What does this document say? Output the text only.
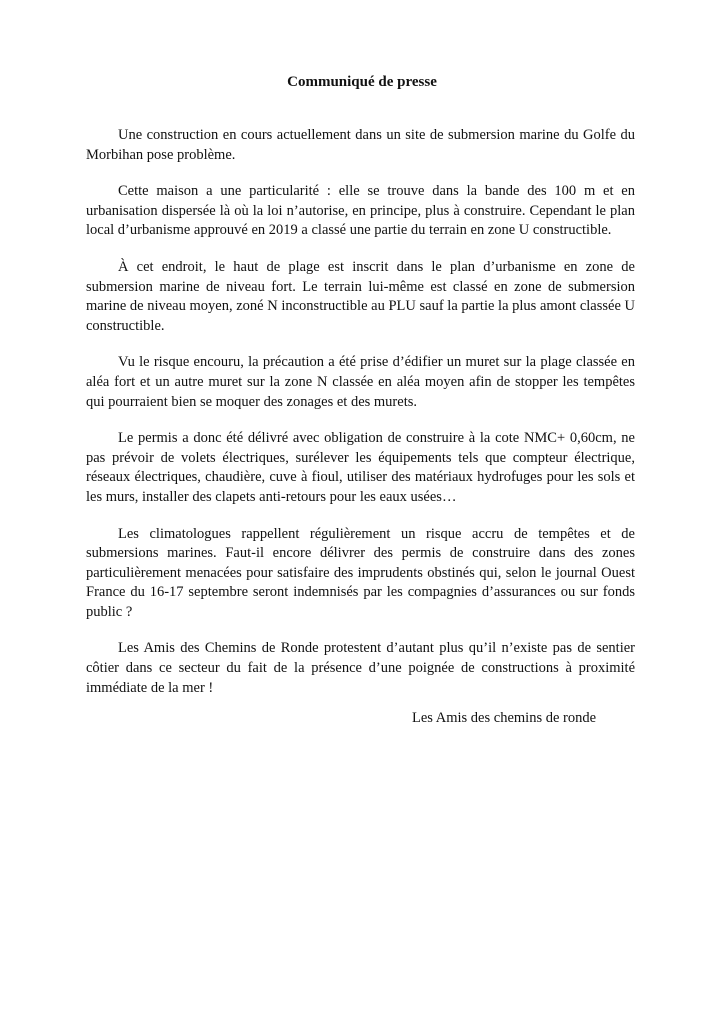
Communiqué de presse

Une construction en cours actuellement dans un site de submersion marine du Golfe du Morbihan pose problème.

Cette maison a une particularité : elle se trouve dans la bande des 100 m et en urbanisation dispersée là où la loi n’autorise, en principe, plus à construire. Cependant le plan local d’urbanisme approuvé en 2019 a classé une partie du terrain en zone U constructible.

À cet endroit, le haut de plage est inscrit dans le plan d’urbanisme en zone de submersion marine de niveau fort. Le terrain lui-même est classé en zone de submersion marine de niveau moyen, zoné N inconstructible au PLU sauf la partie la plus amont classée U constructible.

Vu le risque encouru, la précaution a été prise d’édifier un muret sur la plage classée en aléa fort et un autre muret sur la zone N classée en aléa moyen afin de stopper les tempêtes qui pourraient bien se moquer des zonages et des murets.

Le permis a donc été délivré avec obligation de construire à la cote NMC+ 0,60cm, ne pas prévoir de volets électriques, surélever les équipements tels que compteur électrique, réseaux électriques, chaudière, cuve à fioul, utiliser des matériaux hydrofuges pour les sols et les murs, installer des clapets anti-retours pour les eaux usées…

Les climatologues rappellent régulièrement un risque accru de tempêtes et de submersions marines. Faut-il encore délivrer des permis de construire dans des zones particulièrement menacées pour satisfaire des imprudents obstinés qui, selon le journal Ouest France du 16-17 septembre seront indemnisés par les compagnies d’assurances ou sur fonds public ?

Les Amis des Chemins de Ronde protestent d’autant plus qu’il n’existe pas de sentier côtier dans ce secteur du fait de la présence d’une poignée de constructions à proximité immédiate de la mer !

Les Amis des chemins de ronde
